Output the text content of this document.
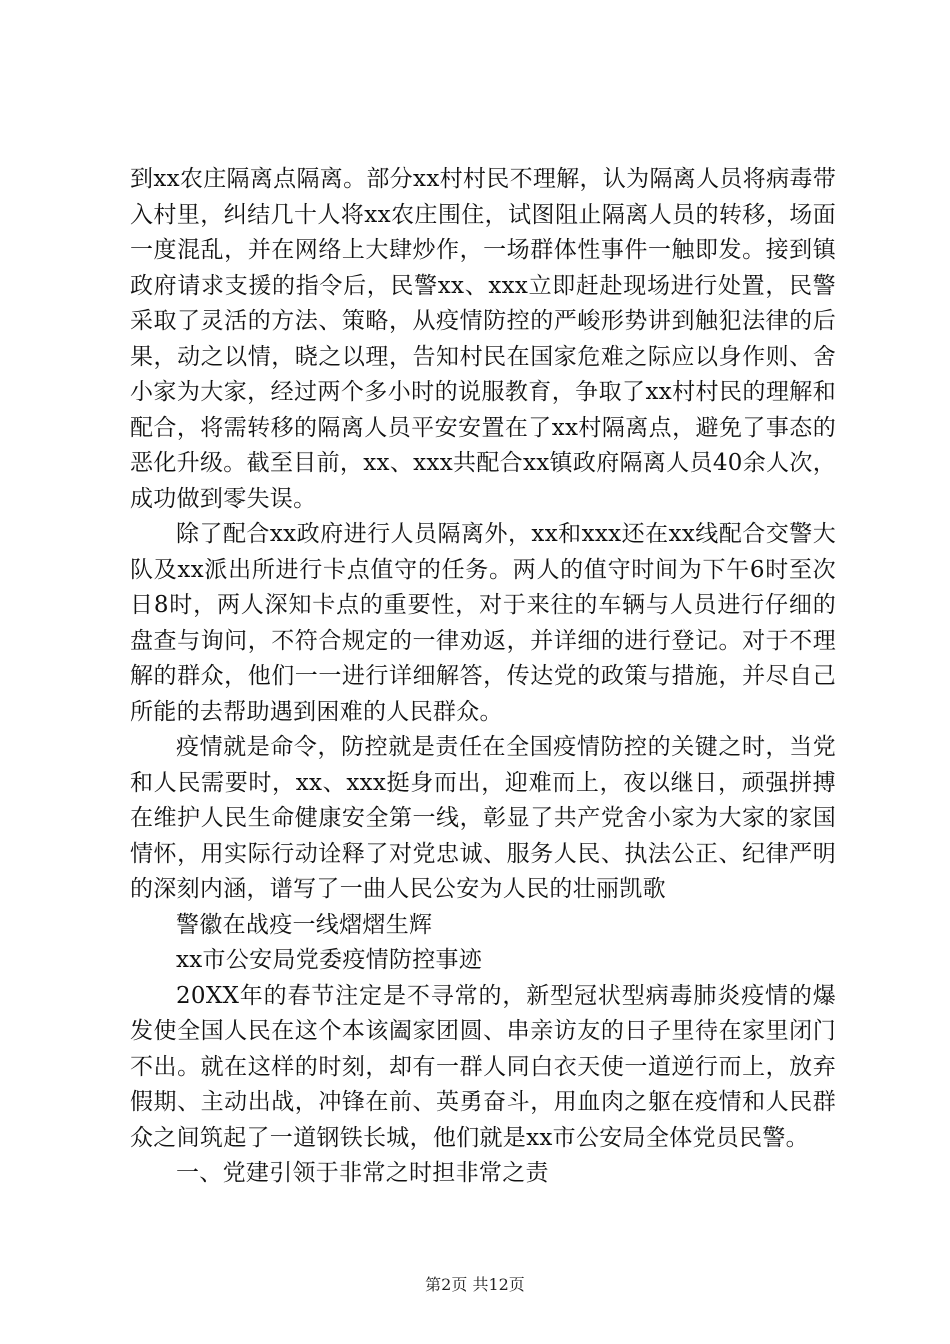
到xx农庄隔离点隔离。部分xx村村民不理解，认为隔离人员将病毒带入村里，纠结几十人将xx农庄围住，试图阻止隔离人员的转移，场面一度混乱，并在网络上大肆炒作，一场群体性事件一触即发。接到镇政府请求支援的指令后，民警xx、xxx立即赶赴现场进行处置，民警采取了灵活的方法、策略，从疫情防控的严峻形势讲到触犯法律的后果，动之以情，晓之以理，告知村民在国家危难之际应以身作则、舍小家为大家，经过两个多小时的说服教育，争取了xx村村民的理解和配合，将需转移的隔离人员平安安置在了xx村隔离点，避免了事态的恶化升级。截至目前，xx、xxx共配合xx镇政府隔离人员40余人次，成功做到零失误。

除了配合xx政府进行人员隔离外，xx和xxx还在xx线配合交警大队及xx派出所进行卡点值守的任务。两人的值守时间为下午6时至次日8时，两人深知卡点的重要性，对于来往的车辆与人员进行仔细的盘查与询问，不符合规定的一律劝返，并详细的进行登记。对于不理解的群众，他们一一进行详细解答，传达党的政策与措施，并尽自己所能的去帮助遇到困难的人民群众。

疫情就是命令，防控就是责任在全国疫情防控的关键之时，当党和人民需要时，xx、xxx挺身而出，迎难而上，夜以继日，顽强拼搏在维护人民生命健康安全第一线，彰显了共产党舍小家为大家的家国情怀，用实际行动诠释了对党忠诚、服务人民、执法公正、纪律严明的深刻内涵，谱写了一曲人民公安为人民的壮丽凯歌

警徽在战疫一线熠熠生辉

xx市公安局党委疫情防控事迹

20XX年的春节注定是不寻常的，新型冠状型病毒肺炎疫情的爆发使全国人民在这个本该阖家团圆、串亲访友的日子里待在家里闭门不出。就在这样的时刻，却有一群人同白衣天使一道逆行而上，放弃假期、主动出战，冲锋在前、英勇奋斗，用血肉之躯在疫情和人民群众之间筑起了一道钢铁长城，他们就是xx市公安局全体党员民警。

一、党建引领于非常之时担非常之责

第2页 共12页
